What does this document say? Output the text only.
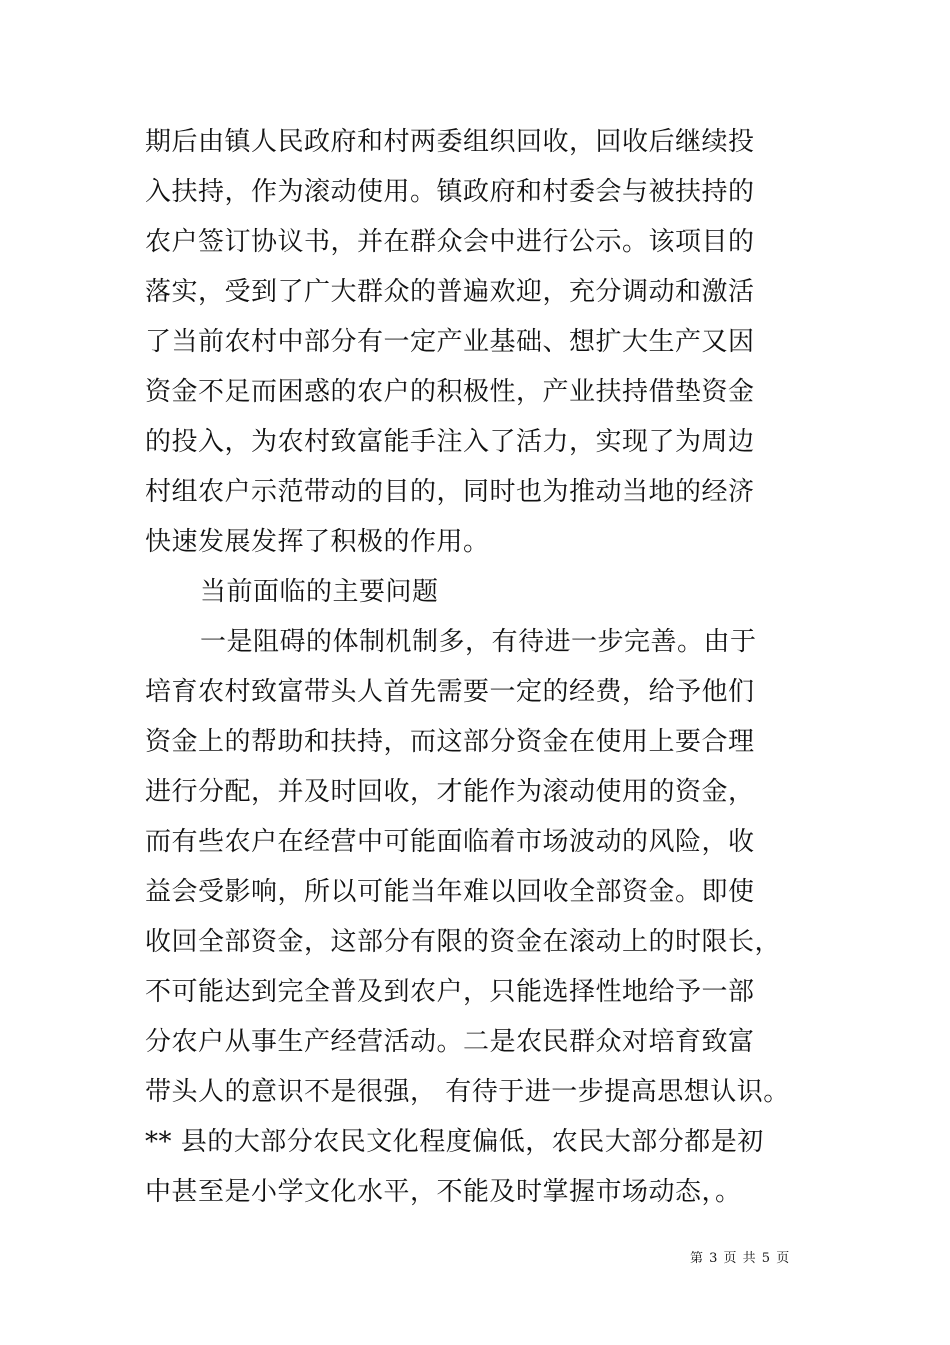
期后由镇人民政府和村两委组织回收，回收后继续投
入扶持，作为滚动使用。镇政府和村委会与被扶持的
农户签订协议书，并在群众会中进行公示。该项目的
落实，受到了广大群众的普遍欢迎，充分调动和激活
了当前农村中部分有一定产业基础、想扩大生产又因
资金不足而困惑的农户的积极性，产业扶持借垫资金
的投入，为农村致富能手注入了活力，实现了为周边
村组农户示范带动的目的，同时也为推动当地的经济
快速发展发挥了积极的作用。
当前面临的主要问题
一是阻碍的体制机制多，有待进一步完善。由于
培育农村致富带头人首先需要一定的经费，给予他们
资金上的帮助和扶持，而这部分资金在使用上要合理
进行分配，并及时回收，才能作为滚动使用的资金，
而有些农户在经营中可能面临着市场波动的风险，收
益会受影响，所以可能当年难以回收全部资金。即使
收回全部资金，这部分有限的资金在滚动上的时限长，
不可能达到完全普及到农户，只能选择性地给予一部
分农户从事生产经营活动。二是农民群众对培育致富
带头人的意识不是很强， 有待于进一步提高思想认识。
** 县的大部分农民文化程度偏低，农民大部分都是初
中甚至是小学文化水平，不能及时掌握市场动态，。
第 3 页 共 5 页
